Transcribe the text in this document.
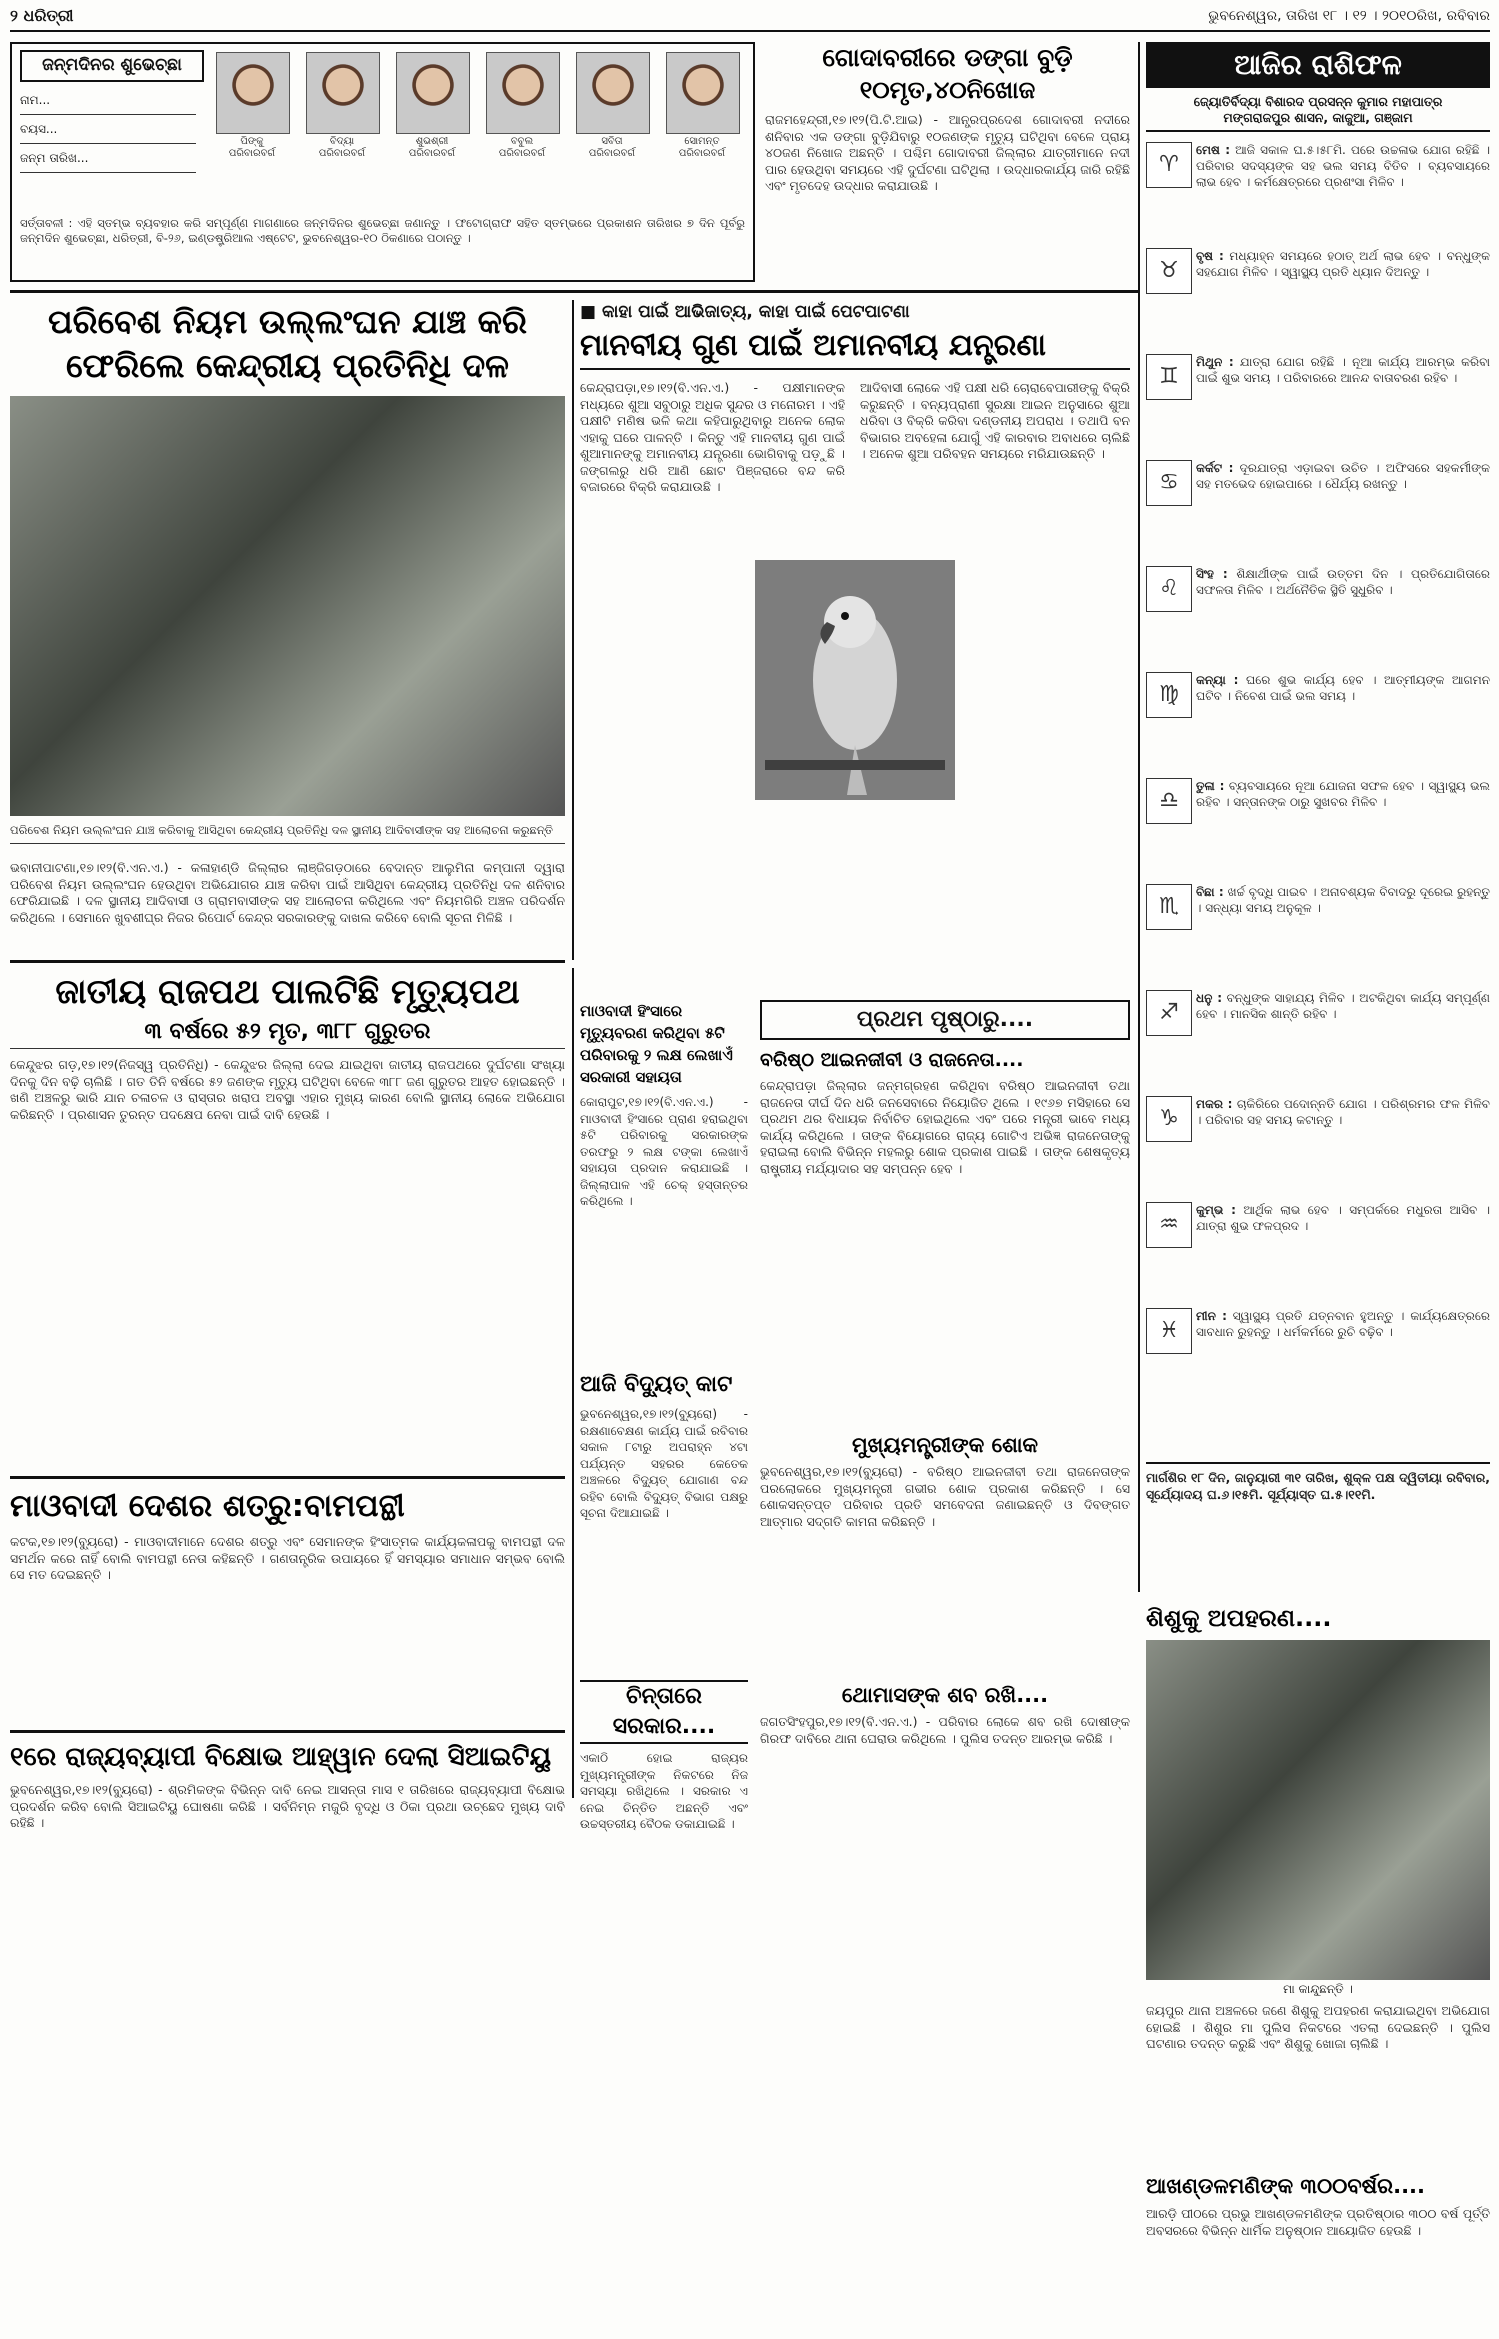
୨ ଧରିତ୍ରୀ	ଭୁବନେଶ୍ୱର, ତାରିଖ ୧୮ । ୧୨ । ୨୦୧୦ରିଖ, ରବିବାର
ଜନ୍ମଦିନର ଶୁଭେଚ୍ଛା
ନାମ...
ବୟସ...
ଜନ୍ମ ତାରିଖ...
ପିଙ୍କୁ
ପରିବାରବର୍ଗ
ବିଦ୍ୟା
ପରିବାରବର୍ଗ
ଶୁଭଶ୍ରୀ
ପରିବାରବର୍ଗ
ବବୁଲ
ପରିବାରବର୍ଗ
ସବିତା
ପରିବାରବର୍ଗ
ସୋମନ୍ତ
ପରିବାରବର୍ଗ

ସର୍ତ୍ତାବଳୀ : ଏହି ସ୍ତମ୍ଭ ବ୍ୟବହାର କରି ସମ୍ପୂର୍ଣ୍ଣ ମାଗଣାରେ ଜନ୍ମଦିନର ଶୁଭେଚ୍ଛା ଜଣାନ୍ତୁ । ଫଟୋଗ୍ରାଫ ସହିତ ସ୍ତମ୍ଭରେ ପ୍ରକାଶନ ତାରିଖର ୭ ଦିନ ପୂର୍ବରୁ ଜନ୍ମଦିନ ଶୁଭେଚ୍ଛା, ଧରିତ୍ରୀ, ବି-୨୬, ଇଣ୍ଡଷ୍ଟ୍ରିଆଲ ଏଷ୍ଟେଟ, ଭୁବନେଶ୍ୱର-୧୦ ଠିକଣାରେ ପଠାନ୍ତୁ ।

ଗୋଦାବରୀରେ ଡଙ୍ଗା ବୁଡ଼ି
୧୦ମୃତ,୪୦ନିଖୋଜ

ରାଜମହେନ୍ଦ୍ରୀ,୧୭।୧୨(ପି.ଟି.ଆଇ) - ଆନ୍ଧ୍ରପ୍ରଦେଶ ଗୋଦାବରୀ ନଦୀରେ ଶନିବାର ଏକ ଡଙ୍ଗା ବୁଡ଼ିଯିବାରୁ ୧୦ଜଣଙ୍କ ମୃତ୍ୟୁ ଘଟିଥିବା ବେଳେ ପ୍ରାୟ ୪୦ଜଣ ନିଖୋଜ ଅଛନ୍ତି । ପଶ୍ଚିମ ଗୋଦାବରୀ ଜିଲ୍ଲାର ଯାତ୍ରୀମାନେ ନଦୀ ପାର ହେଉଥିବା ସମୟରେ ଏହି ଦୁର୍ଘଟଣା ଘଟିଥିଲା । ଉଦ୍ଧାରକାର୍ଯ୍ୟ ଜାରି ରହିଛି ଏବଂ ମୃତଦେହ ଉଦ୍ଧାର କରାଯାଉଛି ।

ଆଜିର ରାଶିଫଳ
ଜ୍ୟୋତିର୍ବିଦ୍ୟା ବିଶାରଦ ପ୍ରସନ୍ନ କୁମାର ମହାପାତ୍ର
ମଙ୍ଗରାଜପୁର ଶାସନ, କାଜୁଆ, ଗଞ୍ଜାମ
♈
ମେଷ : ଆଜି ସକାଳ ଘ.୫।୫୮ମି. ପରେ ଉଚ୍ଚଳାଭ ଯୋଗ ରହିଛି । ପରିବାର ସଦସ୍ୟଙ୍କ ସହ ଭଲ ସମୟ ବିତିବ । ବ୍ୟବସାୟରେ ଲାଭ ହେବ । କର୍ମକ୍ଷେତ୍ରରେ ପ୍ରଶଂସା ମିଳିବ ।
♉
ବୃଷ : ମଧ୍ୟାହ୍ନ ସମୟରେ ହଠାତ୍ ଅର୍ଥ ଲାଭ ହେବ । ବନ୍ଧୁଙ୍କ ସହଯୋଗ ମିଳିବ । ସ୍ୱାସ୍ଥ୍ୟ ପ୍ରତି ଧ୍ୟାନ ଦିଅନ୍ତୁ ।
♊
ମିଥୁନ : ଯାତ୍ରା ଯୋଗ ରହିଛି । ନୂଆ କାର୍ଯ୍ୟ ଆରମ୍ଭ କରିବା ପାଇଁ ଶୁଭ ସମୟ । ପରିବାରରେ ଆନନ୍ଦ ବାତାବରଣ ରହିବ ।
♋
କର୍କଟ : ଦୂରଯାତ୍ରା ଏଡ଼ାଇବା ଉଚିତ । ଅଫିସରେ ସହକର୍ମୀଙ୍କ ସହ ମତଭେଦ ହୋଇପାରେ । ଧୈର୍ଯ୍ୟ ରଖନ୍ତୁ ।
♌
ସିଂହ : ଶିକ୍ଷାର୍ଥୀଙ୍କ ପାଇଁ ଉତ୍ତମ ଦିନ । ପ୍ରତିଯୋଗିତାରେ ସଫଳତା ମିଳିବ । ଅର୍ଥନୈତିକ ସ୍ଥିତି ସୁଧୁରିବ ।
♍
କନ୍ୟା : ଘରେ ଶୁଭ କାର୍ଯ୍ୟ ହେବ । ଆତ୍ମୀୟଙ୍କ ଆଗମନ ଘଟିବ । ନିବେଶ ପାଇଁ ଭଲ ସମୟ ।
♎
ତୁଳା : ବ୍ୟବସାୟରେ ନୂଆ ଯୋଜନା ସଫଳ ହେବ । ସ୍ୱାସ୍ଥ୍ୟ ଭଲ ରହିବ । ସନ୍ତାନଙ୍କ ଠାରୁ ସୁଖବର ମିଳିବ ।
♏
ବିଛା : ଖର୍ଚ୍ଚ ବୃଦ୍ଧି ପାଇବ । ଅନାବଶ୍ୟକ ବିବାଦରୁ ଦୂରେଇ ରୁହନ୍ତୁ । ସନ୍ଧ୍ୟା ସମୟ ଅନୁକୂଳ ।
♐
ଧନୁ : ବନ୍ଧୁଙ୍କ ସାହାଯ୍ୟ ମିଳିବ । ଅଟକିଥିବା କାର୍ଯ୍ୟ ସମ୍ପୂର୍ଣ୍ଣ ହେବ । ମାନସିକ ଶାନ୍ତି ରହିବ ।
♑
ମକର : ଚାକିରିରେ ପଦୋନ୍ନତି ଯୋଗ । ପରିଶ୍ରମର ଫଳ ମିଳିବ । ପରିବାର ସହ ସମୟ କଟାନ୍ତୁ ।
♒
କୁମ୍ଭ : ଆର୍ଥିକ ଲାଭ ହେବ । ସମ୍ପର୍କରେ ମଧୁରତା ଆସିବ । ଯାତ୍ରା ଶୁଭ ଫଳପ୍ରଦ ।
♓
ମୀନ : ସ୍ୱାସ୍ଥ୍ୟ ପ୍ରତି ଯତ୍ନବାନ ହୁଅନ୍ତୁ । କାର୍ଯ୍ୟକ୍ଷେତ୍ରରେ ସାବଧାନ ରୁହନ୍ତୁ । ଧର୍ମକର୍ମରେ ରୁଚି ବଢ଼ିବ ।

ମାର୍ଗଶିର ୧୮ ଦିନ, ଜାନୁୟାରୀ ୩୧ ତାରିଖ, ଶୁକ୍ଳ ପକ୍ଷ ଦ୍ୱିତୀୟା ରବିବାର, ସୂର୍ଯ୍ୟୋଦୟ ଘ.୬।୧୫ମି. ସୂର୍ଯ୍ୟାସ୍ତ ଘ.୫।୧୧ମି.

ପରିବେଶ ନିୟମ ଉଲ୍ଲଂଘନ ଯାଞ୍ଚ କରି
ଫେରିଲେ କେନ୍ଦ୍ରୀୟ ପ୍ରତିନିଧି ଦଳ

ପରିବେଶ ନିୟମ ଉଲ୍ଲଂଘନ ଯାଞ୍ଚ କରିବାକୁ ଆସିଥିବା କେନ୍ଦ୍ରୀୟ ପ୍ରତିନିଧି ଦଳ ସ୍ଥାନୀୟ ଆଦିବାସୀଙ୍କ ସହ ଆଲୋଚନା କରୁଛନ୍ତି

ଭବାନୀପାଟଣା,୧୭।୧୨(ବି.ଏନ.ଏ.) - କଳାହାଣ୍ଡି ଜିଲ୍ଲାର ଲାଞ୍ଜିଗଡ଼ଠାରେ ବେଦାନ୍ତ ଆଲୁମିନା କମ୍ପାନୀ ଦ୍ୱାରା ପରିବେଶ ନିୟମ ଉଲ୍ଲଂଘନ ହେଉଥିବା ଅଭିଯୋଗର ଯାଞ୍ଚ କରିବା ପାଇଁ ଆସିଥିବା କେନ୍ଦ୍ରୀୟ ପ୍ରତିନିଧି ଦଳ ଶନିବାର ଫେରିଯାଇଛି । ଦଳ ସ୍ଥାନୀୟ ଆଦିବାସୀ ଓ ଗ୍ରାମବାସୀଙ୍କ ସହ ଆଲୋଚନା କରିଥିଲେ ଏବଂ ନିୟମଗିରି ଅଞ୍ଚଳ ପରିଦର୍ଶନ କରିଥିଲେ । ସେମାନେ ଖୁବଶୀଘ୍ର ନିଜର ରିପୋର୍ଟ କେନ୍ଦ୍ର ସରକାରଙ୍କୁ ଦାଖଲ କରିବେ ବୋଲି ସୂଚନା ମିଳିଛି ।

■ କାହା ପାଇଁ ଆଭିଜାତ୍ୟ, କାହା ପାଇଁ ପେଟପାଟଣା
ମାନବୀୟ ଗୁଣ ପାଇଁ ଅମାନବୀୟ ଯନ୍ତ୍ରଣା

କେନ୍ଦ୍ରାପଡ଼ା,୧୭।୧୨(ବି.ଏନ.ଏ.) - ପକ୍ଷୀମାନଙ୍କ ମଧ୍ୟରେ ଶୁଆ ସବୁଠାରୁ ଅଧିକ ସୁନ୍ଦର ଓ ମନୋରମ । ଏହି ପକ୍ଷୀଟି ମଣିଷ ଭଳି କଥା କହିପାରୁଥିବାରୁ ଅନେକ ଲୋକ ଏହାକୁ ଘରେ ପାଳନ୍ତି । କିନ୍ତୁ ଏହି ମାନବୀୟ ଗୁଣ ପାଇଁ ଶୁଆମାନଙ୍କୁ ଅମାନବୀୟ ଯନ୍ତ୍ରଣା ଭୋଗିବାକୁ ପଡ଼ୁଛି । ଜଙ୍ଗଲରୁ ଧରି ଆଣି ଛୋଟ ପିଞ୍ଜରାରେ ବନ୍ଦ କରି ବଜାରରେ ବିକ୍ରି କରାଯାଉଛି ।

ଆଦିବାସୀ ଲୋକେ ଏହି ପକ୍ଷୀ ଧରି ଚୋରାବେପାରୀଙ୍କୁ ବିକ୍ରି କରୁଛନ୍ତି । ବନ୍ୟପ୍ରାଣୀ ସୁରକ୍ଷା ଆଇନ ଅନୁସାରେ ଶୁଆ ଧରିବା ଓ ବିକ୍ରି କରିବା ଦଣ୍ଡନୀୟ ଅପରାଧ । ତଥାପି ବନ ବିଭାଗର ଅବହେଳା ଯୋଗୁଁ ଏହି କାରବାର ଅବାଧରେ ଚାଲିଛି । ଅନେକ ଶୁଆ ପରିବହନ ସମୟରେ ମରିଯାଉଛନ୍ତି ।

ଜାତୀୟ ରାଜପଥ ପାଲଟିଛି ମୃତ୍ୟୁପଥ
୩ ବର୍ଷରେ ୫୨ ମୃତ, ୩୮୮ ଗୁରୁତର

କେନ୍ଦୁଝର ଗଡ଼,୧୭।୧୨(ନିଜସ୍ୱ ପ୍ରତିନିଧି) - କେନ୍ଦୁଝର ଜିଲ୍ଲା ଦେଇ ଯାଇଥିବା ଜାତୀୟ ରାଜପଥରେ ଦୁର୍ଘଟଣା ସଂଖ୍ୟା ଦିନକୁ ଦିନ ବଢ଼ି ଚାଲିଛି । ଗତ ତିନି ବର୍ଷରେ ୫୨ ଜଣଙ୍କ ମୃତ୍ୟୁ ଘଟିଥିବା ବେଳେ ୩୮୮ ଜଣ ଗୁରୁତର ଆହତ ହୋଇଛନ୍ତି । ଖଣି ଅଞ୍ଚଳରୁ ଭାରି ଯାନ ଚଳାଚଳ ଓ ରାସ୍ତାର ଖରାପ ଅବସ୍ଥା ଏହାର ମୁଖ୍ୟ କାରଣ ବୋଲି ସ୍ଥାନୀୟ ଲୋକେ ଅଭିଯୋଗ କରିଛନ୍ତି । ପ୍ରଶାସନ ତୁରନ୍ତ ପଦକ୍ଷେପ ନେବା ପାଇଁ ଦାବି ହେଉଛି ।

ମାଓବାଦୀ ହିଂସାରେ ମୃତ୍ୟୁବରଣ କରିଥିବା ୫ଟି ପରିବାରକୁ ୨ ଲକ୍ଷ ଲେଖାଏଁ ସରକାରୀ ସହାୟତା

କୋରାପୁଟ,୧୭।୧୨(ବି.ଏନ.ଏ.) - ମାଓବାଦୀ ହିଂସାରେ ପ୍ରାଣ ହରାଇଥିବା ୫ଟି ପରିବାରକୁ ସରକାରଙ୍କ ତରଫରୁ ୨ ଲକ୍ଷ ଟଙ୍କା ଲେଖାଏଁ ସହାୟତା ପ୍ରଦାନ କରାଯାଇଛି । ଜିଲ୍ଲାପାଳ ଏହି ଚେକ୍ ହସ୍ତାନ୍ତର କରିଥିଲେ ।

ଆଜି ବିଦ୍ୟୁତ୍ କାଟ

ଭୁବନେଶ୍ୱର,୧୭।୧୨(ବ୍ୟୁରୋ) - ରକ୍ଷଣାବେକ୍ଷଣ କାର୍ଯ୍ୟ ପାଇଁ ରବିବାର ସକାଳ ୮ଟାରୁ ଅପରାହ୍ନ ୪ଟା ପର୍ଯ୍ୟନ୍ତ ସହରର କେତେକ ଅଞ୍ଚଳରେ ବିଦ୍ୟୁତ୍ ଯୋଗାଣ ବନ୍ଦ ରହିବ ବୋଲି ବିଦ୍ୟୁତ୍ ବିଭାଗ ପକ୍ଷରୁ ସୂଚନା ଦିଆଯାଇଛି ।

ଚିନ୍ତାରେ
ସରକାର....

ଏକାଠି ହୋଇ ରାଜ୍ୟର ମୁଖ୍ୟମନ୍ତ୍ରୀଙ୍କ ନିକଟରେ ନିଜ ସମସ୍ୟା ରଖିଥିଲେ । ସରକାର ଏ ନେଇ ଚିନ୍ତିତ ଅଛନ୍ତି ଏବଂ ଉଚ୍ଚସ୍ତରୀୟ ବୈଠକ ଡକାଯାଇଛି ।

ପ୍ରଥମ ପୃଷ୍ଠାରୁ....
ବରିଷ୍ଠ ଆଇନଜୀବୀ ଓ ରାଜନେତା....

କେନ୍ଦ୍ରାପଡ଼ା ଜିଲ୍ଲାର ଜନ୍ମଗ୍ରହଣ କରିଥିବା ବରିଷ୍ଠ ଆଇନଜୀବୀ ତଥା ରାଜନେତା ଦୀର୍ଘ ଦିନ ଧରି ଜନସେବାରେ ନିୟୋଜିତ ଥିଲେ । ୧୯୬୭ ମସିହାରେ ସେ ପ୍ରଥମ ଥର ବିଧାୟକ ନିର୍ବାଚିତ ହୋଇଥିଲେ ଏବଂ ପରେ ମନ୍ତ୍ରୀ ଭାବେ ମଧ୍ୟ କାର୍ଯ୍ୟ କରିଥିଲେ । ତାଙ୍କ ବିୟୋଗରେ ରାଜ୍ୟ ଗୋଟିଏ ଅଭିଜ୍ଞ ରାଜନେତାଙ୍କୁ ହରାଇଲା ବୋଲି ବିଭିନ୍ନ ମହଲରୁ ଶୋକ ପ୍ରକାଶ ପାଇଛି । ତାଙ୍କ ଶେଷକୃତ୍ୟ ରାଷ୍ଟ୍ରୀୟ ମର୍ଯ୍ୟାଦାର ସହ ସମ୍ପନ୍ନ ହେବ ।

ମୁଖ୍ୟମନ୍ତ୍ରୀଙ୍କ ଶୋକ

ଭୁବନେଶ୍ୱର,୧୭।୧୨(ବ୍ୟୁରୋ) - ବରିଷ୍ଠ ଆଇନଜୀବୀ ତଥା ରାଜନେତାଙ୍କ ପରଲୋକରେ ମୁଖ୍ୟମନ୍ତ୍ରୀ ଗଭୀର ଶୋକ ପ୍ରକାଶ କରିଛନ୍ତି । ସେ ଶୋକସନ୍ତପ୍ତ ପରିବାର ପ୍ରତି ସମବେଦନା ଜଣାଇଛନ୍ତି ଓ ଦିବଙ୍ଗତ ଆତ୍ମାର ସଦ୍‌ଗତି କାମନା କରିଛନ୍ତି ।

ଥୋମାସଙ୍କ ଶବ ରଖି....

ଜଗତସିଂହପୁର,୧୭।୧୨(ବି.ଏନ.ଏ.) - ପରିବାର ଲୋକେ ଶବ ରଖି ଦୋଷୀଙ୍କ ଗିରଫ ଦାବିରେ ଥାନା ଘେରାଉ କରିଥିଲେ । ପୁଲିସ ତଦନ୍ତ ଆରମ୍ଭ କରିଛି ।

ମାଓବାଦୀ ଦେଶର ଶତ୍ରୁ:ବାମପନ୍ଥୀ

କଟକ,୧୭।୧୨(ବ୍ୟୁରୋ) - ମାଓବାଦୀମାନେ ଦେଶର ଶତ୍ରୁ ଏବଂ ସେମାନଙ୍କ ହିଂସାତ୍ମକ କାର୍ଯ୍ୟକଳାପକୁ ବାମପନ୍ଥୀ ଦଳ ସମର୍ଥନ କରେ ନାହିଁ ବୋଲି ବାମପନ୍ଥୀ ନେତା କହିଛନ୍ତି । ଗଣତାନ୍ତ୍ରିକ ଉପାୟରେ ହିଁ ସମସ୍ୟାର ସମାଧାନ ସମ୍ଭବ ବୋଲି ସେ ମତ ଦେଇଛନ୍ତି ।

୧ରେ ରାଜ୍ୟବ୍ୟାପୀ ବିକ୍ଷୋଭ ଆହ୍ୱାନ ଦେଲା ସିଆଇଟିୟୁ

ଭୁବନେଶ୍ୱର,୧୭।୧୨(ବ୍ୟୁରୋ) - ଶ୍ରମିକଙ୍କ ବିଭିନ୍ନ ଦାବି ନେଇ ଆସନ୍ତା ମାସ ୧ ତାରିଖରେ ରାଜ୍ୟବ୍ୟାପୀ ବିକ୍ଷୋଭ ପ୍ରଦର୍ଶନ କରିବ ବୋଲି ସିଆଇଟିୟୁ ଘୋଷଣା କରିଛି । ସର୍ବନିମ୍ନ ମଜୁରି ବୃଦ୍ଧି ଓ ଠିକା ପ୍ରଥା ଉଚ୍ଛେଦ ମୁଖ୍ୟ ଦାବି ରହିଛି ।

ଶିଶୁକୁ ଅପହରଣ....
ମା କାନ୍ଦୁଛନ୍ତି ।

ଜୟପୁର ଥାନା ଅଞ୍ଚଳରେ ଜଣେ ଶିଶୁକୁ ଅପହରଣ କରାଯାଇଥିବା ଅଭିଯୋଗ ହୋଇଛି । ଶିଶୁର ମା ପୁଲିସ ନିକଟରେ ଏତଲା ଦେଇଛନ୍ତି । ପୁଲିସ ଘଟଣାର ତଦନ୍ତ କରୁଛି ଏବଂ ଶିଶୁକୁ ଖୋଜା ଚାଲିଛି ।

ଆଖଣ୍ଡଳମଣିଙ୍କ ୩୦୦ବର୍ଷର....

ଆରଡ଼ି ପୀଠରେ ପ୍ରଭୁ ଆଖଣ୍ଡଳମଣିଙ୍କ ପ୍ରତିଷ୍ଠାର ୩୦୦ ବର୍ଷ ପୂର୍ତ୍ତି ଅବସରରେ ବିଭିନ୍ନ ଧାର୍ମିକ ଅନୁଷ୍ଠାନ ଆୟୋଜିତ ହେଉଛି ।
